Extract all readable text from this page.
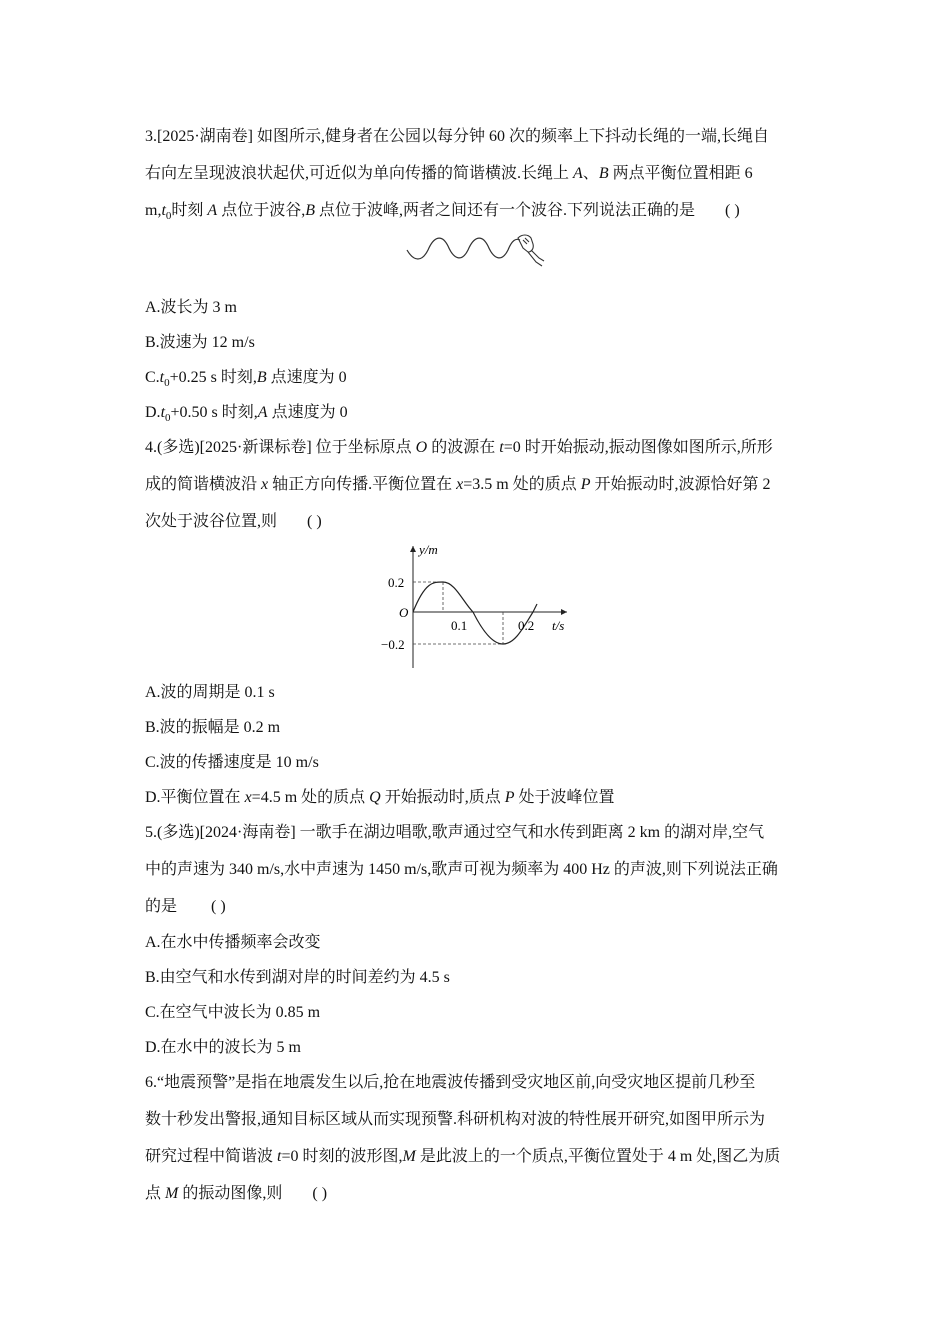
3.[2025·湖南卷] 如图所示,健身者在公园以每分钟 60 次的频率上下抖动长绳的一端,长绳自
右向左呈现波浪状起伏,可近似为单向传播的简谐横波.长绳上 A、B 两点平衡位置相距 6
$m,t_0$时刻 A 点位于波谷,B 点位于波峰,两者之间还有一个波谷.下列说法正确的是 ( )
A.波长为 3 m
B.波速为 12 m/s
$C.t_0+0.25$ s 时刻,B 点速度为 0
$D.t_0+0.50$ s 时刻,A 点速度为 0
4.(多选)[2025·新课标卷] 位于坐标原点 O 的波源在 t=0 时开始振动,振动图像如图所示,所形
成的简谐横波沿 x 轴正方向传播.平衡位置在 x=3.5 m 处的质点 P 开始振动时,波源恰好第 2
次处于波谷位置,则 ( )
y/m
t/s
O
0.2
−0.2
0.1	0.2
A.波的周期是 0.1 s
B.波的振幅是 0.2 m
C.波的传播速度是 10 m/s
D.平衡位置在 x=4.5 m 处的质点 Q 开始振动时,质点 P 处于波峰位置
5.(多选)[2024·海南卷] 一歌手在湖边唱歌,歌声通过空气和水传到距离 2 km 的湖对岸,空气
中的声速为 340 m/s,水中声速为 1450 m/s,歌声可视为频率为 400 Hz 的声波,则下列说法正确
的是 ( )
A.在水中传播频率会改变
B.由空气和水传到湖对岸的时间差约为 4.5 s
C.在空气中波长为 0.85 m
D.在水中的波长为 5 m
6.“地震预警”是指在地震发生以后,抢在地震波传播到受灾地区前,向受灾地区提前几秒至
数十秒发出警报,通知目标区域从而实现预警.科研机构对波的特性展开研究,如图甲所示为
研究过程中简谐波 t=0 时刻的波形图,M 是此波上的一个质点,平衡位置处于 4 m 处,图乙为质
点 M 的振动图像,则 ( )
